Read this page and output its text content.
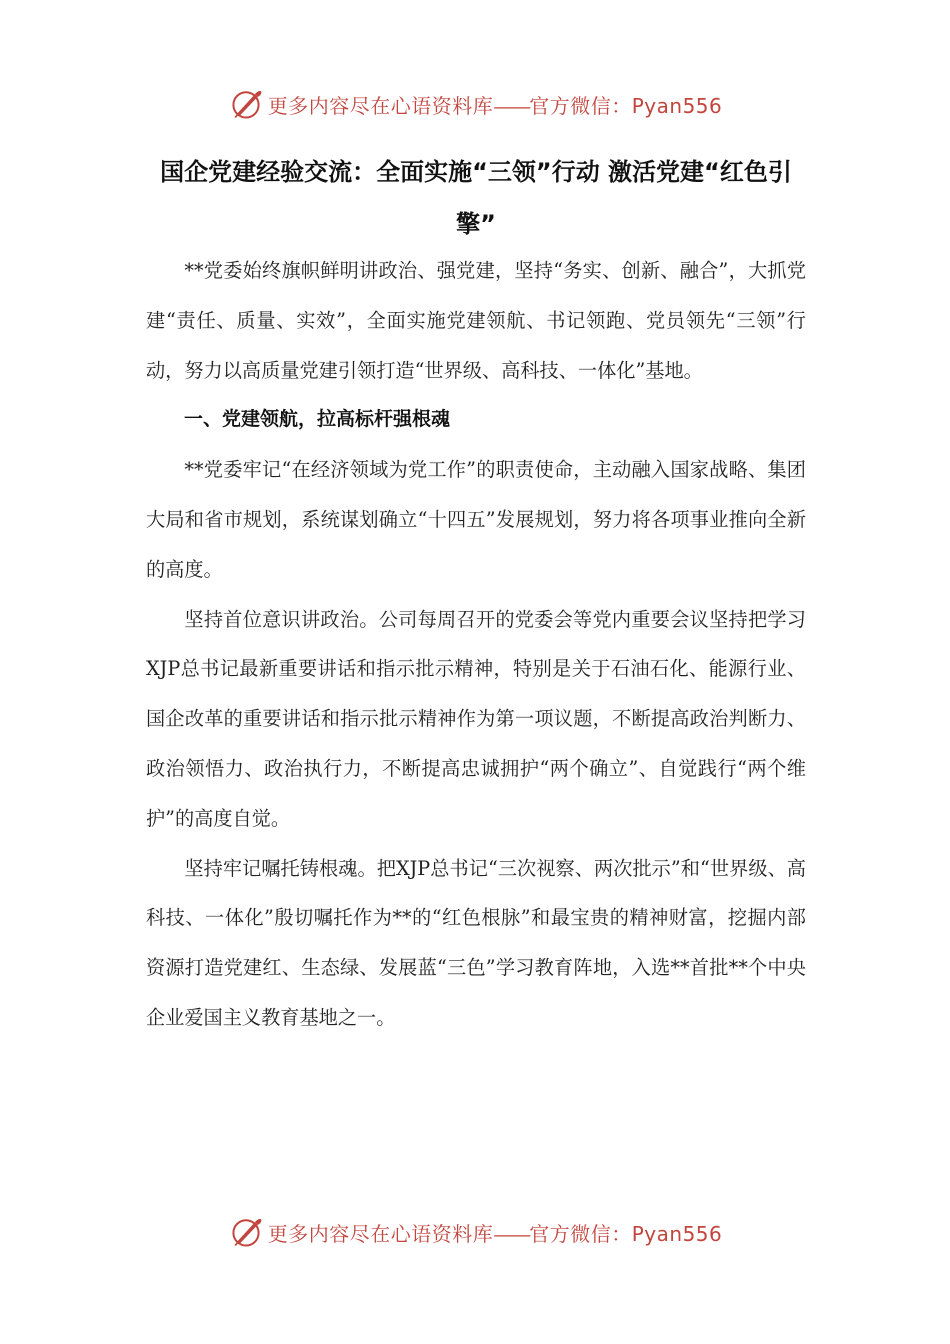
更多内容尽在心语资料库——官方微信：Pyan556
国企党建经验交流：全面实施“三领”行动 激活党建“红色引擎”

**党委始终旗帜鲜明讲政治、强党建，坚持“务实、创新、融合”，大抓党建“责任、质量、实效”，全面实施党建领航、书记领跑、党员领先“三领”行动，努力以高质量党建引领打造“世界级、高科技、一体化”基地。

一、党建领航，拉高标杆强根魂

**党委牢记“在经济领域为党工作”的职责使命，主动融入国家战略、集团大局和省市规划，系统谋划确立“十四五”发展规划，努力将各项事业推向全新的高度。

坚持首位意识讲政治。公司每周召开的党委会等党内重要会议坚持把学习XJP总书记最新重要讲话和指示批示精神，特别是关于石油石化、能源行业、国企改革的重要讲话和指示批示精神作为第一项议题，不断提高政治判断力、政治领悟力、政治执行力，不断提高忠诚拥护“两个确立”、自觉践行“两个维护”的高度自觉。

坚持牢记嘱托铸根魂。把XJP总书记“三次视察、两次批示”和“世界级、高科技、一体化”殷切嘱托作为**的“红色根脉”和最宝贵的精神财富，挖掘内部资源打造党建红、生态绿、发展蓝“三色”学习教育阵地，入选**首批**个中央企业爱国主义教育基地之一。

更多内容尽在心语资料库——官方微信：Pyan556
